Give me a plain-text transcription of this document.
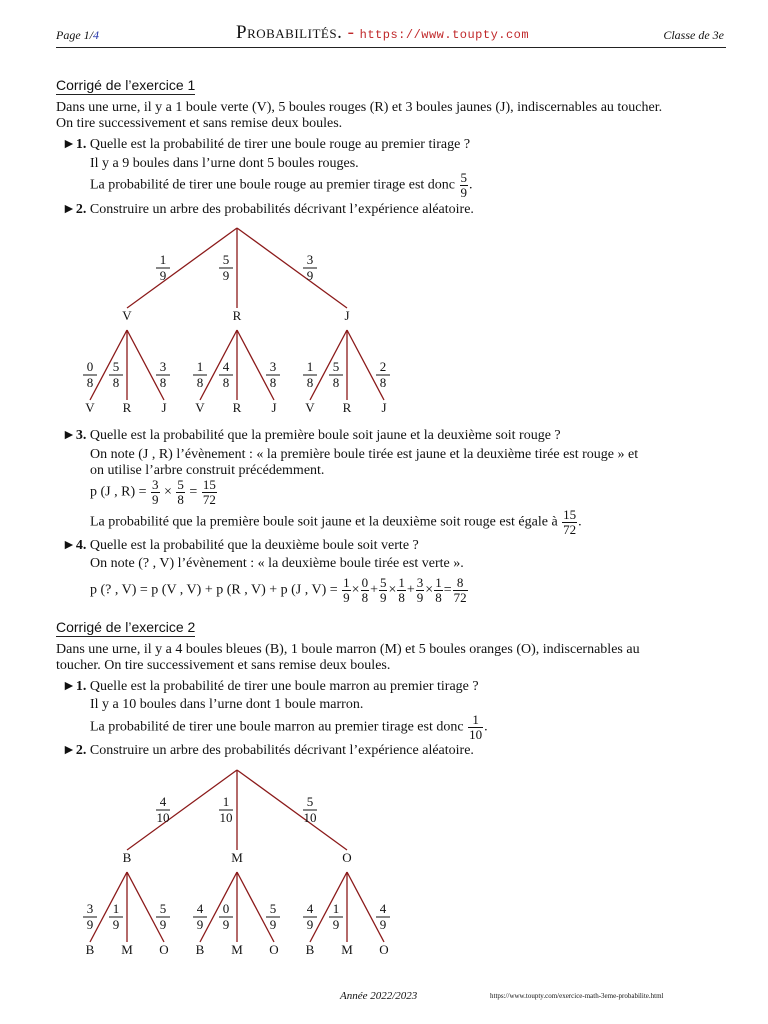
Page 1/4	Probabilités. - https://www.toupty.com	Classe de 3e
Corrigé de l’exercice 1
Dans une urne, il y a 1 boule verte (V), 5 boules rouges (R) et 3 boules jaunes (J), indiscernables au toucher.
On tire successivement et sans remise deux boules.
►1. Quelle est la probabilité de tirer une boule rouge au premier tirage ?
Il y a 9 boules dans l’urne dont 5 boules rouges.
La probabilité de tirer une boule rouge au premier tirage est donc $\frac{5}{9}$ .
►2. Construire un arbre des probabilités décrivant l’expérience aléatoire.
V
1
9
V
0
8
R
5
8
J
3
8
R
5
9
V
1
8
R
4
8
J
3
8
J
3
9
V
1
8
R
5
8
J
2
8
►3. Quelle est la probabilité que la première boule soit jaune et la deuxième soit rouge ?
On note (J , R) l’évènement : « la première boule tirée est jaune et la deuxième tirée est rouge » et
on utilise l’arbre construit précédemment.
p (J , $R) = \frac{3}{9} \times \frac{5}{8} = \frac{15}{72}$
La probabilité que la première boule soit jaune et la deuxième soit rouge est égale à $\frac{15}{72}$ .
►4. Quelle est la probabilité que la deuxième boule soit verte ?
On note (? , V) l’évènement : « la deuxième boule tirée est verte ».
p (? , V) = p (V , V) + p (R , V) + p (J , $V) = \frac{1}{9} \times \frac{0}{8} + \frac{5}{9} \times \frac{1}{8} + \frac{3}{9} \times \frac{1}{8} = \frac{8}{72}$
Corrigé de l’exercice 2
Dans une urne, il y a 4 boules bleues (B), 1 boule marron (M) et 5 boules oranges (O), indiscernables au
toucher. On tire successivement et sans remise deux boules.
►1. Quelle est la probabilité de tirer une boule marron au premier tirage ?
Il y a 10 boules dans l’urne dont 1 boule marron.
La probabilité de tirer une boule marron au premier tirage est donc $\frac{1}{10}$ .
►2. Construire un arbre des probabilités décrivant l’expérience aléatoire.
B
4
10
B
3
9
M
1
9
O
5
9
M
1
10
B
4
9
M
0
9
O
5
9
O
5
10
B
4
9
M
1
9
O
4
9
Année 2022/2023	https://www.toupty.com/exercice-math-3eme-probabilite.html
